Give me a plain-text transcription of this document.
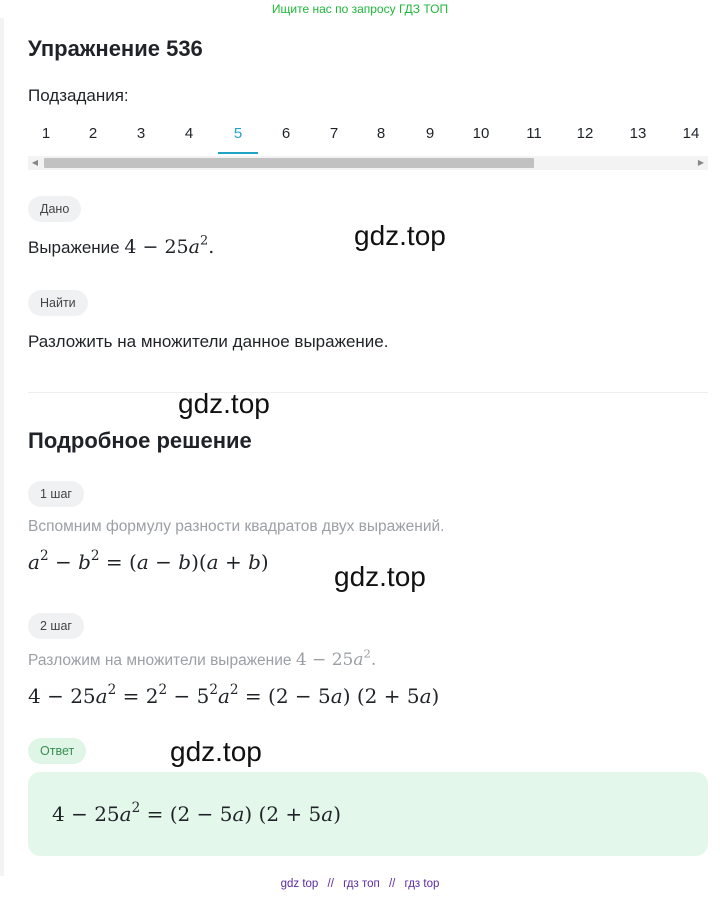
Ищите нас по запросу ГДЗ ТОП
Упражнение 536
Подзадания:
1	2	3	4	5	6	7	8	9	10	11	12	13	14
◀	▶
Дано
Выражение $4 - 25a^2$.
Найти
Разложить на множители данное выражение.
Подробное решение
1 шаг
Вспомним формулу разности квадратов двух выражений.
$a^2 - b^2 = (a - b)(a + b)$
2 шаг
Разложим на множители выражение $4 - 25a^2$.
$4 - 25a^2 = 2^2 - 5^2a^2 = (2 - 5a) (2 + 5a)$
Ответ
$4 - 25a^2 = (2 - 5a) (2 + 5a)$
gdz.top
gdz.top
gdz.top
gdz.top
gdz top // гдз топ // гдз top
